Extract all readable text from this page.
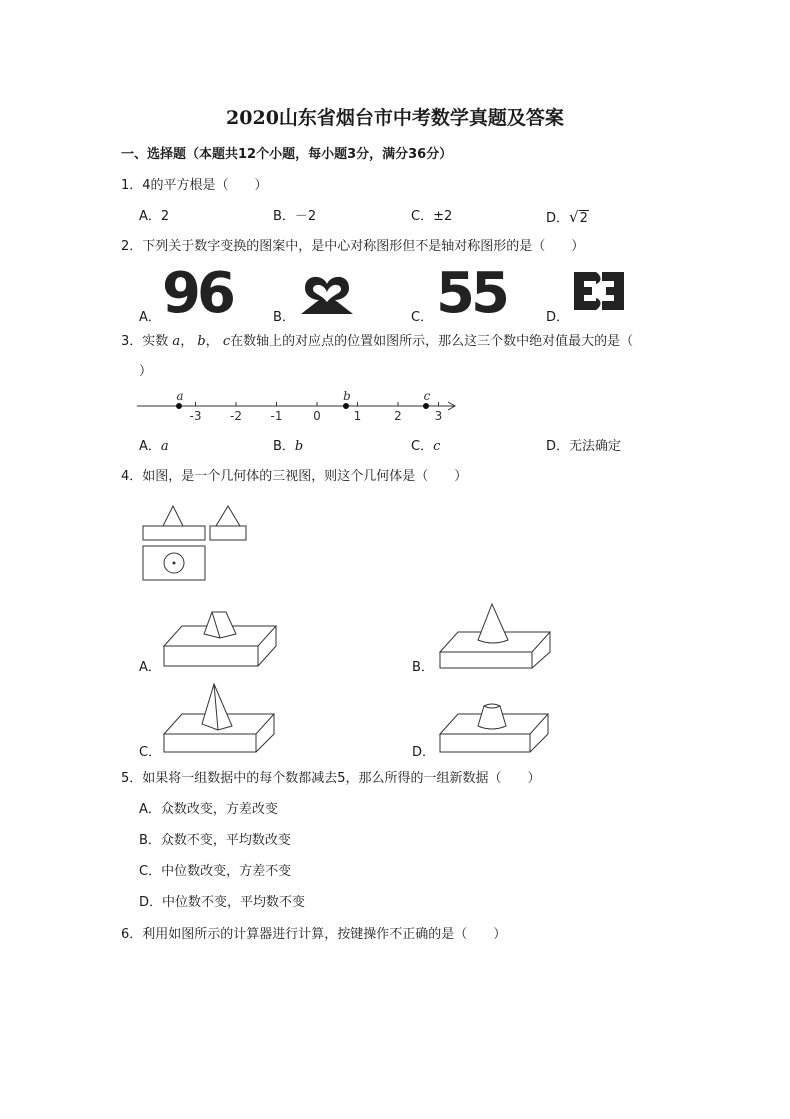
2020山东省烟台市中考数学真题及答案
一、选择题（本题共12个小题，每小题3分，满分36分）
1．4的平方根是（　　）
A．2	B．－2	C．±2	D．√2
2．下列关于数字变换的图案中，是中心对称图形但不是轴对称图形的是（　　）
A． 96	B．	C． 55	D．
3．实数 a， b， c在数轴上的对应点的位置如图所示，那么这三个数中绝对值最大的是（
）
-3 -2 -1	0	1	2	3
a	b	c
A．a	B．b	C．c	D．无法确定
4．如图，是一个几何体的三视图，则这个几何体是（　　）
A．	B．
C．	D．
5．如果将一组数据中的每个数都减去5，那么所得的一组新数据（　　）
A．众数改变，方差改变
B．众数不变，平均数改变
C．中位数改变，方差不变
D．中位数不变，平均数不变
6．利用如图所示的计算器进行计算，按键操作不正确的是（　　）
